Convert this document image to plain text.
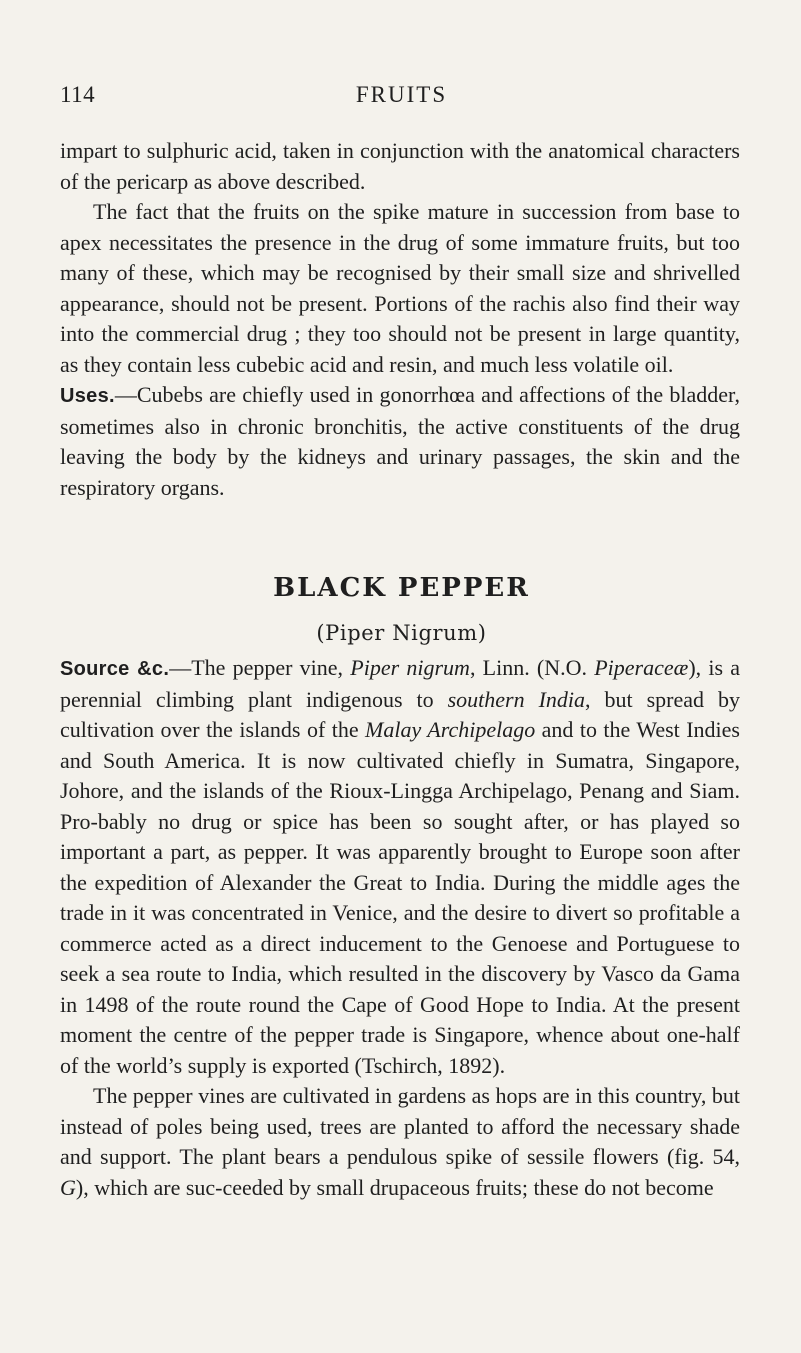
114	FRUITS

impart to sulphuric acid, taken in conjunction with the anatomical characters of the pericarp as above described.

The fact that the fruits on the spike mature in succession from base to apex necessitates the presence in the drug of some immature fruits, but too many of these, which may be recognised by their small size and shrivelled appearance, should not be present. Portions of the rachis also find their way into the commercial drug ; they too should not be present in large quantity, as they contain less cubebic acid and resin, and much less volatile oil.

Uses.—Cubebs are chiefly used in gonorrhœa and affections of the bladder, sometimes also in chronic bronchitis, the active constituents of the drug leaving the body by the kidneys and urinary passages, the skin and the respiratory organs.

BLACK PEPPER
(Piper Nigrum)

Source &c.—The pepper vine, Piper nigrum, Linn. (N.O. Piperaceæ), is a perennial climbing plant indigenous to southern India, but spread by cultivation over the islands of the Malay Archipelago and to the West Indies and South America. It is now cultivated chiefly in Sumatra, Singapore, Johore, and the islands of the Rioux-Lingga Archipelago, Penang and Siam. Pro-bably no drug or spice has been so sought after, or has played so important a part, as pepper. It was apparently brought to Europe soon after the expedition of Alexander the Great to India. During the middle ages the trade in it was concentrated in Venice, and the desire to divert so profitable a commerce acted as a direct inducement to the Genoese and Portuguese to seek a sea route to India, which resulted in the discovery by Vasco da Gama in 1498 of the route round the Cape of Good Hope to India. At the present moment the centre of the pepper trade is Singapore, whence about one-half of the world’s supply is exported (Tschirch, 1892).

The pepper vines are cultivated in gardens as hops are in this country, but instead of poles being used, trees are planted to afford the necessary shade and support. The plant bears a pendulous spike of sessile flowers (fig. 54, G), which are suc-ceeded by small drupaceous fruits; these do not become
